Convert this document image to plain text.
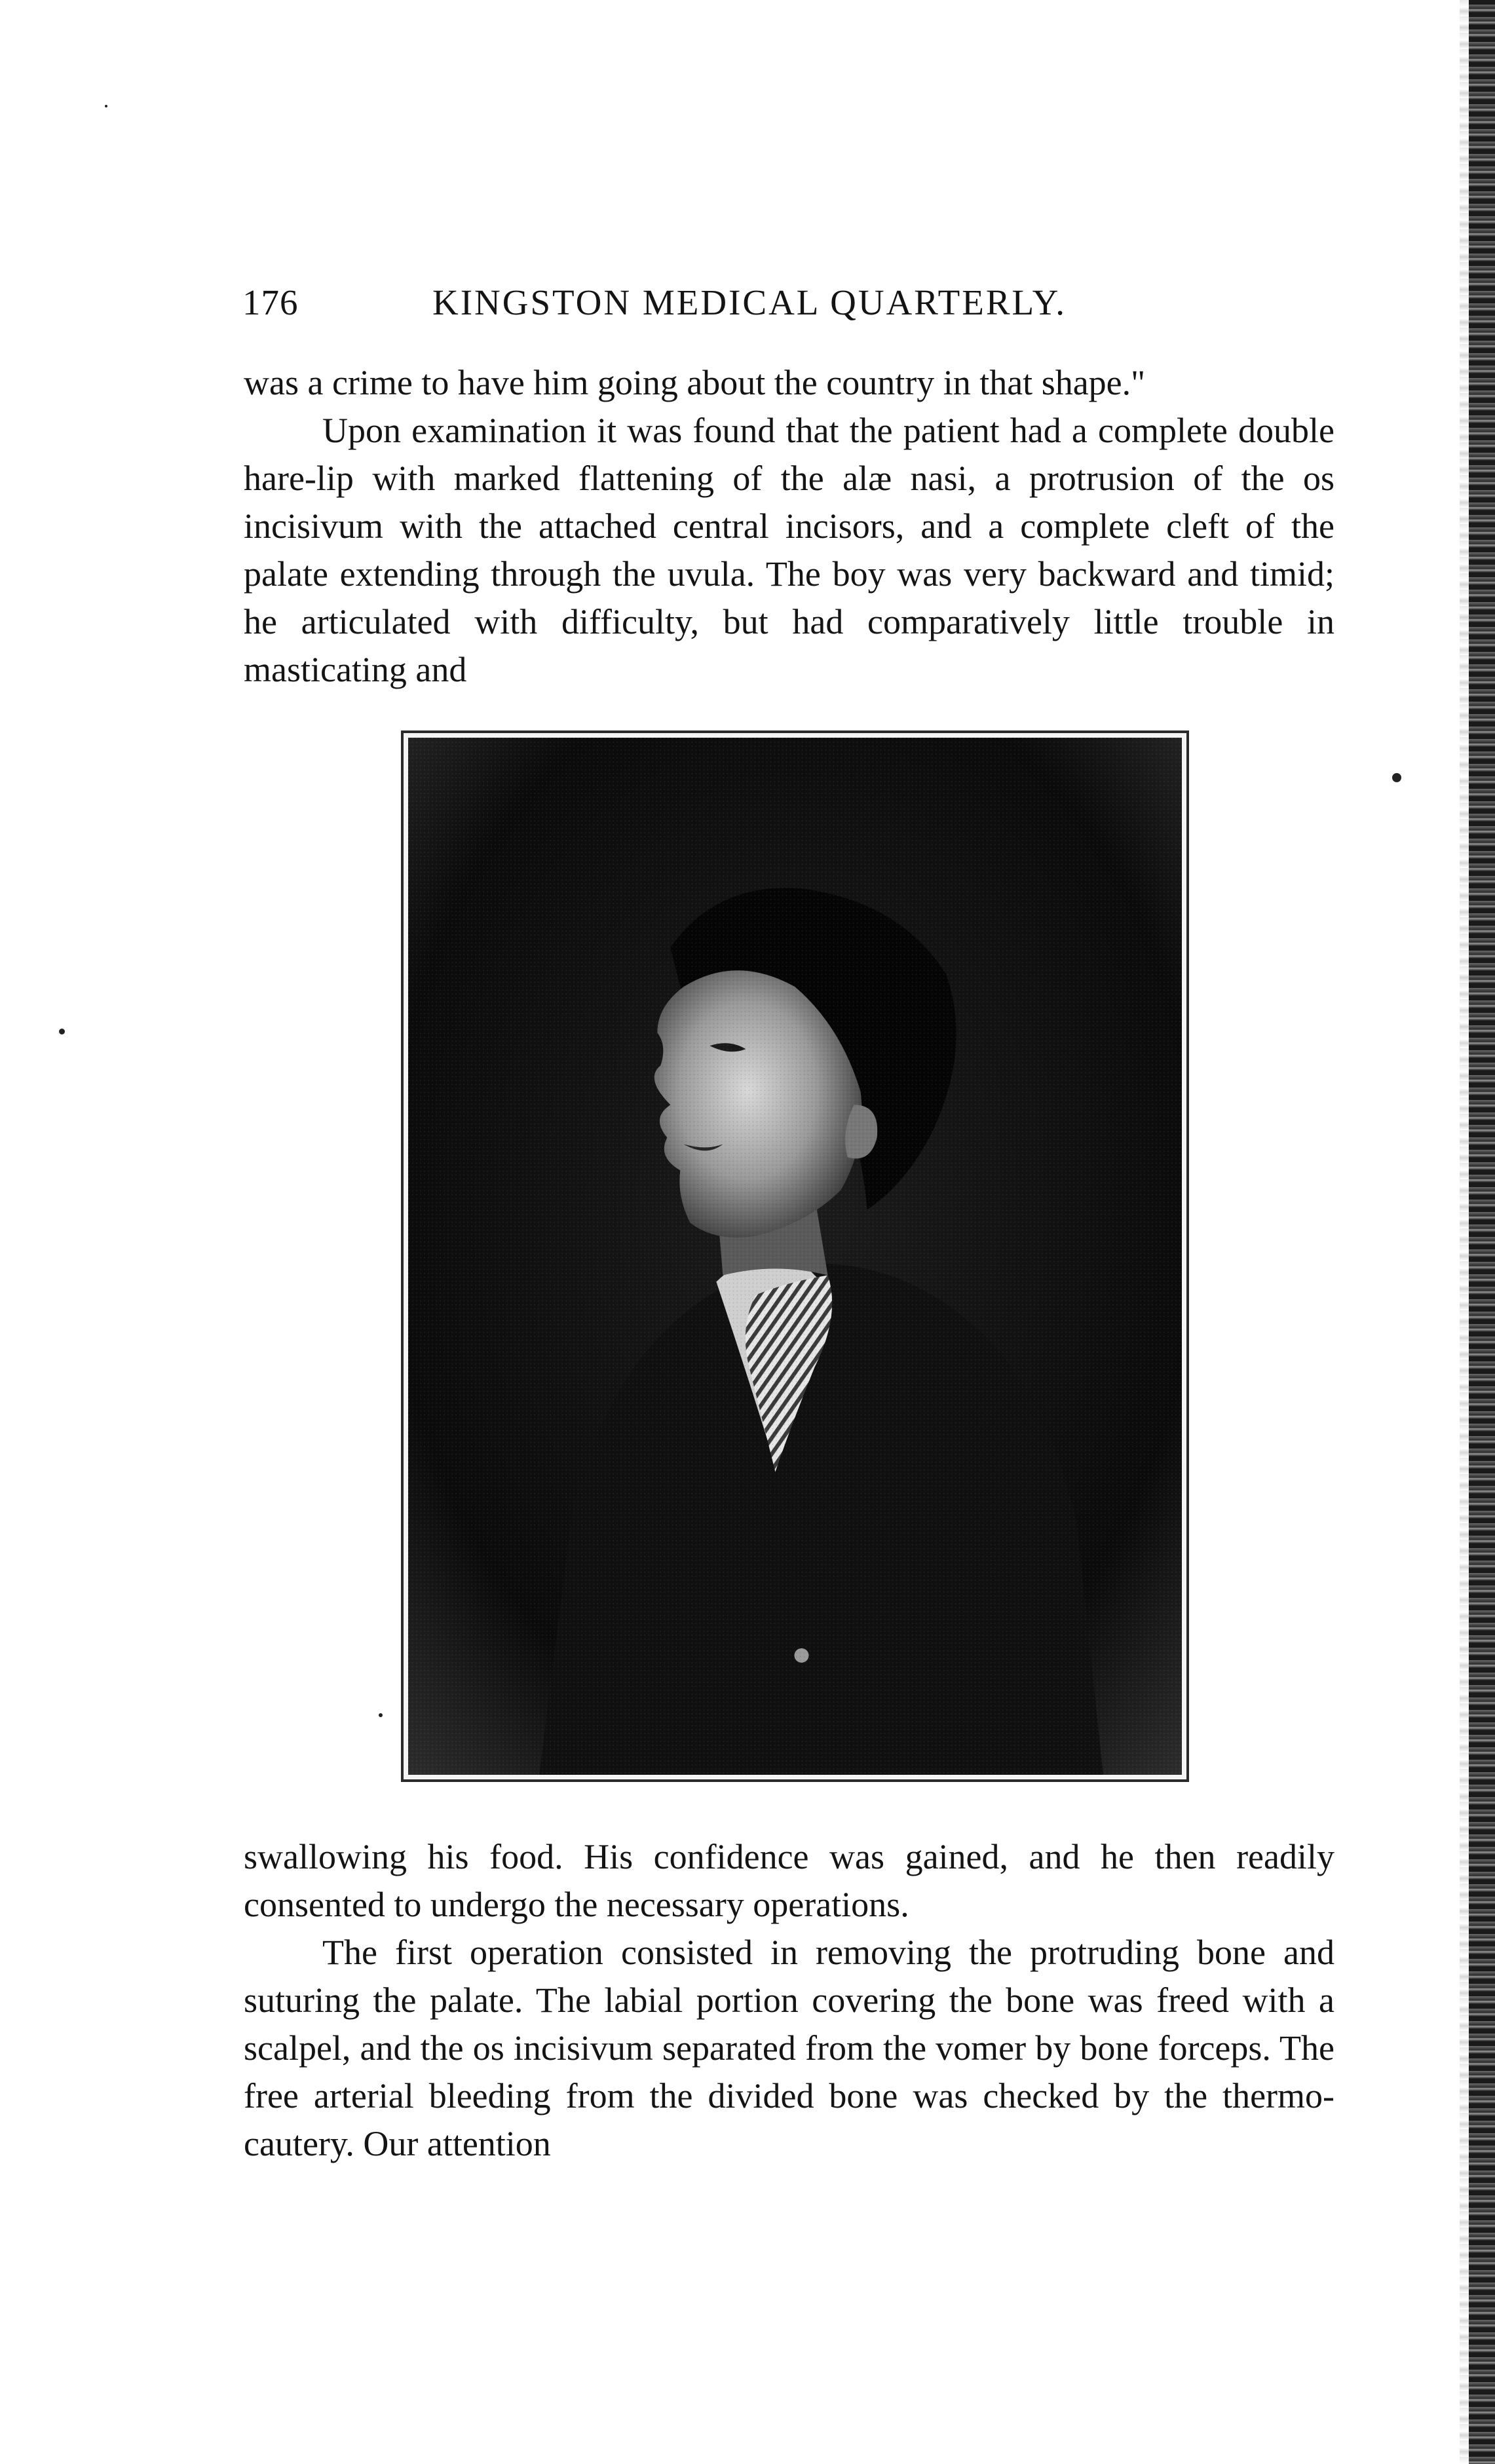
176	KINGSTON MEDICAL QUARTERLY.

was a crime to have him going about the country in that shape."

Upon examination it was found that the patient had a complete double hare-lip with marked flattening of the alæ nasi, a protrusion of the os incisivum with the attached central incisors, and a complete cleft of the palate extending through the uvula. The boy was very backward and timid; he articulated with difficulty, but had comparatively little trouble in masticating and

swallowing his food. His confidence was gained, and he then readily consented to undergo the necessary operations.

The first operation consisted in removing the protruding bone and suturing the palate. The labial portion covering the bone was freed with a scalpel, and the os incisivum separated from the vomer by bone forceps. The free arterial bleeding from the divided bone was checked by the thermo-cautery. Our attention
